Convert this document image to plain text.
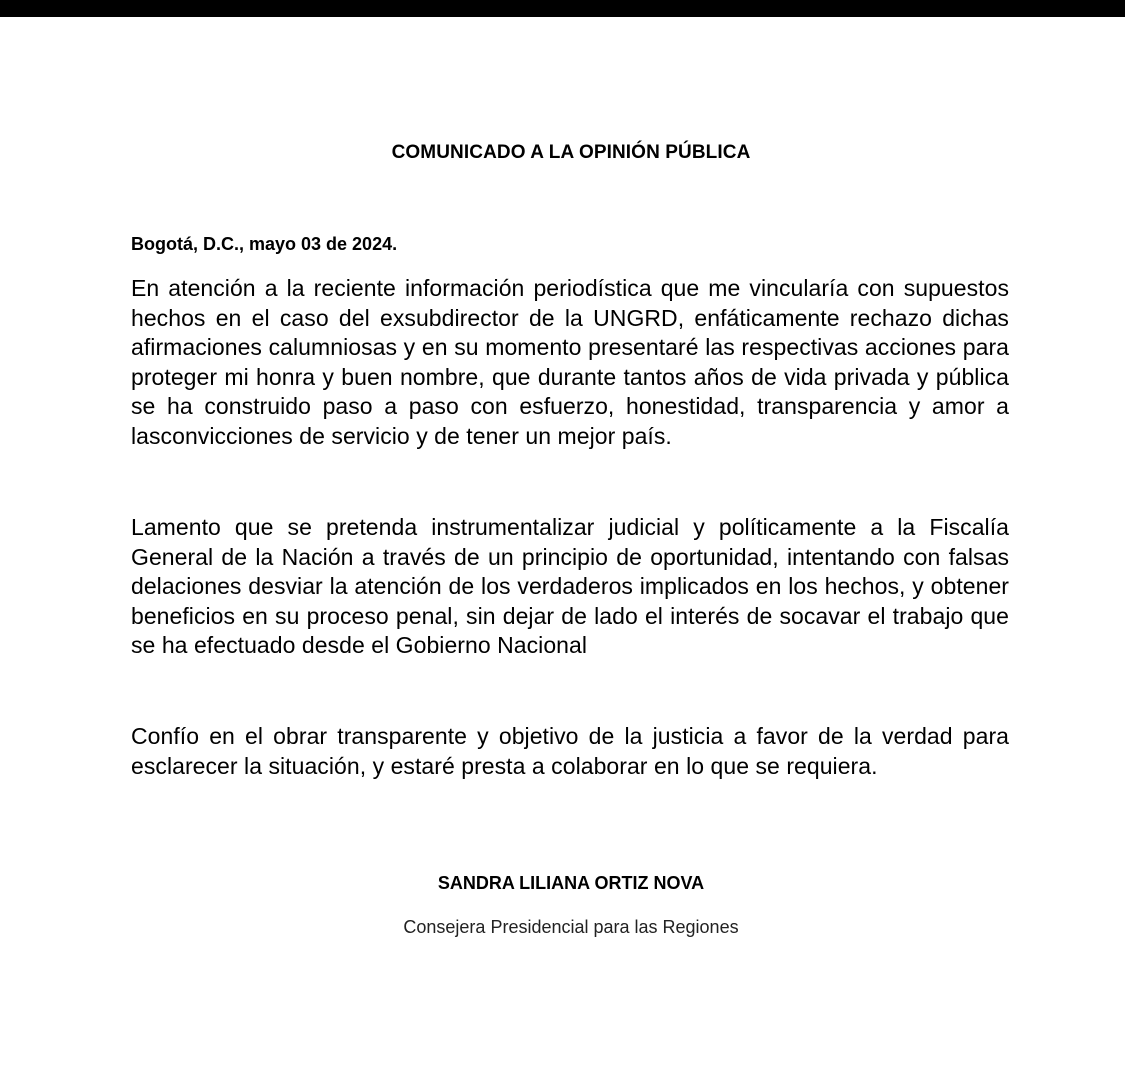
COMUNICADO A LA OPINIÓN PÚBLICA
Bogotá, D.C., mayo 03 de 2024.

En atención a la reciente información periodística que me vincularía con supuestos hechos en el caso del exsubdirector de la UNGRD, enfáticamente rechazo dichas afirmaciones calumniosas y en su momento presentaré las respectivas acciones para proteger mi honra y buen nombre, que durante tantos años de vida privada y pública se ha construido paso a paso con esfuerzo, honestidad, transparencia y amor a lasconvicciones de servicio y de tener un mejor país.

Lamento que se pretenda instrumentalizar judicial y políticamente a la Fiscalía General de la Nación a través de un principio de oportunidad, intentando con falsas delaciones desviar la atención de los verdaderos implicados en los hechos, y obtener beneficios en su proceso penal, sin dejar de lado el interés de socavar el trabajo que se ha efectuado desde el Gobierno Nacional

Confío en el obrar transparente y objetivo de la justicia a favor de la verdad para esclarecer la situación, y estaré presta a colaborar en lo que se requiera.

SANDRA LILIANA ORTIZ NOVA
Consejera Presidencial para las Regiones
